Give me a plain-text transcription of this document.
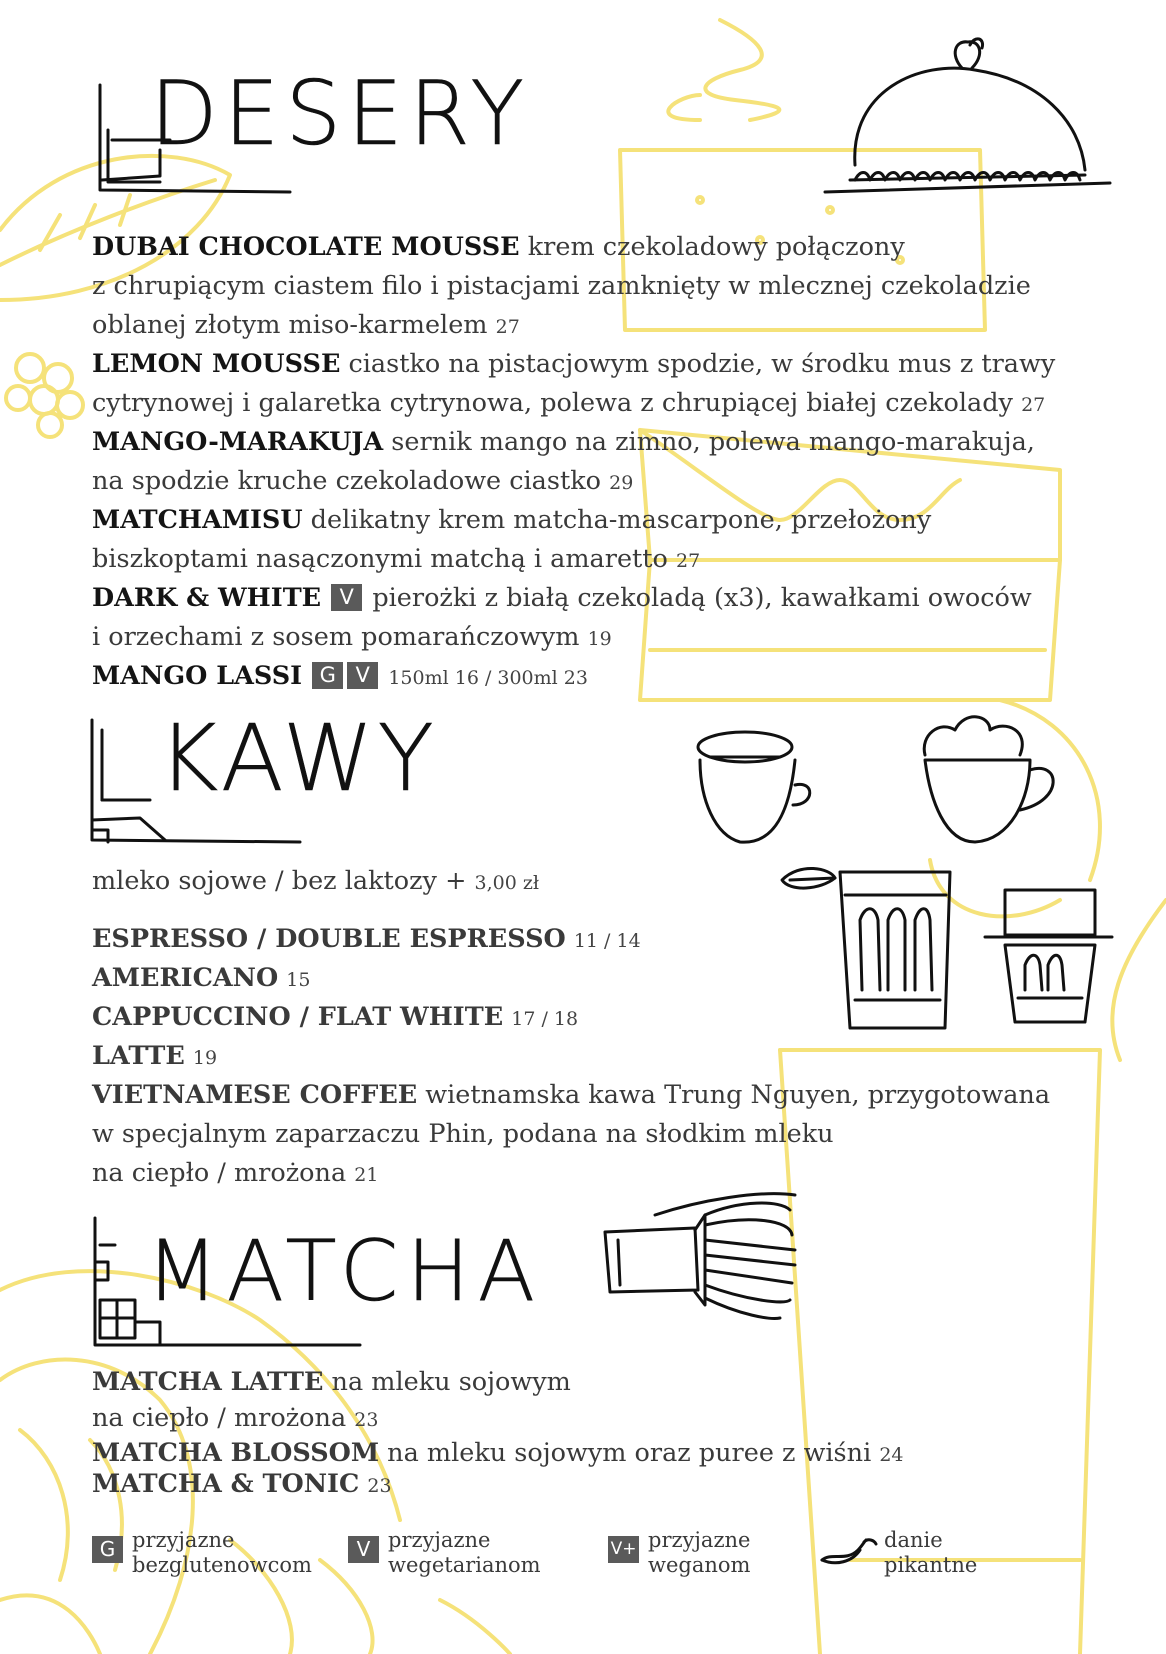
DESERY
KAWY
MATCHA
DUBAI CHOCOLATE MOUSSE krem czekoladowy połączony
z chrupiącym ciastem filo i pistacjami zamknięty w mlecznej czekoladzie
oblanej złotym miso-karmelem 27
LEMON MOUSSE ciastko na pistacjowym spodzie, w środku mus z trawy
cytrynowej i galaretka cytrynowa, polewa z chrupiącej białej czekolady 27
MANGO-MARAKUJA sernik mango na zimno, polewa mango-marakuja,
na spodzie kruche czekoladowe ciastko 29
MATCHAMISU delikatny krem matcha-mascarpone, przełożony
biszkoptami nasączonymi matchą i amaretto 27
DARK & WHITE V pierożki z białą czekoladą (x3), kawałkami owoców
i orzechami z sosem pomarańczowym 19
MANGO LASSI G V 150ml 16 / 300ml 23
mleko sojowe / bez laktozy + 3,00 zł
ESPRESSO / DOUBLE ESPRESSO 11 / 14
AMERICANO 15
CAPPUCCINO / FLAT WHITE 17 / 18
LATTE 19
VIETNAMESE COFFEE wietnamska kawa Trung Nguyen, przygotowana
w specjalnym zaparzaczu Phin, podana na słodkim mleku
na ciepło / mrożona 21
MATCHA LATTE na mleku sojowym
na ciepło / mrożona 23
MATCHA BLOSSOM na mleku sojowym oraz puree z wiśni 24
MATCHA & TONIC 23
G przyjazne
bezglutenowcom
V przyjazne
wegetarianom
V+ przyjazne
weganom
danie
pikantne
